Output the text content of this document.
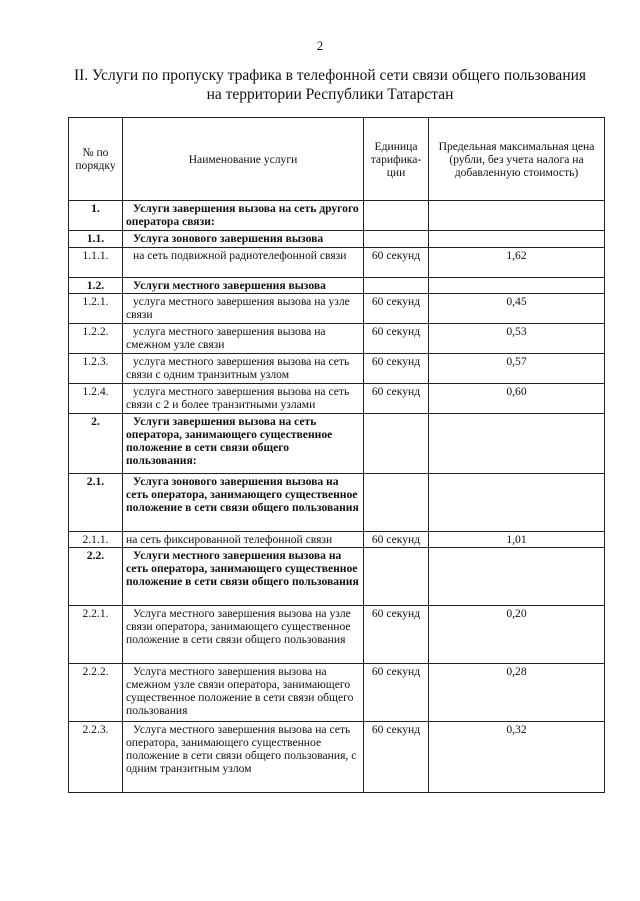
2
II. Услуги по пропуску трафика в телефонной сети связи общего пользования
на территории Республики Татарстан
№ по порядку	Наименование услуги	Единица тарифика-ции	Предельная максимальная цена (рубли, без учета налога на добавленную стоимость)
1.	Услуги завершения вызова на сеть другого оператора связи:		
1.1.	Услуга зонового завершения вызова		
1.1.1.	на сеть подвижной радиотелефонной связи	60 секунд	1,62
1.2.	Услуги местного завершения вызова		
1.2.1.	услуга местного завершения вызова на узле связи	60 секунд	0,45
1.2.2.	услуга местного завершения вызова на смежном узле связи	60 секунд	0,53
1.2.3.	услуга местного завершения вызова на сеть связи с одним транзитным узлом	60 секунд	0,57
1.2.4.	услуга местного завершения вызова на сеть связи с 2 и более транзитными узлами	60 секунд	0,60
2.	Услуги завершения вызова на сеть оператора, занимающего существенное положение в сети связи общего пользования:		
2.1.	Услуга зонового завершения вызова на сеть оператора, занимающего существенное положение в сети связи общего пользования		
2.1.1.	на сеть фиксированной телефонной связи	60 секунд	1,01
2.2.	Услуги местного завершения вызова на сеть оператора, занимающего существенное положение в сети связи общего пользования		
2.2.1.	Услуга местного завершения вызова на узле связи оператора, занимающего существенное положение в сети связи общего пользования	60 секунд	0,20
2.2.2.	Услуга местного завершения вызова на смежном узле связи оператора, занимающего существенное положение в сети связи общего пользования	60 секунд	0,28
2.2.3.	Услуга местного завершения вызова на сеть оператора, занимающего существенное положение в сети связи общего пользования, с одним транзитным узлом	60 секунд	0,32
